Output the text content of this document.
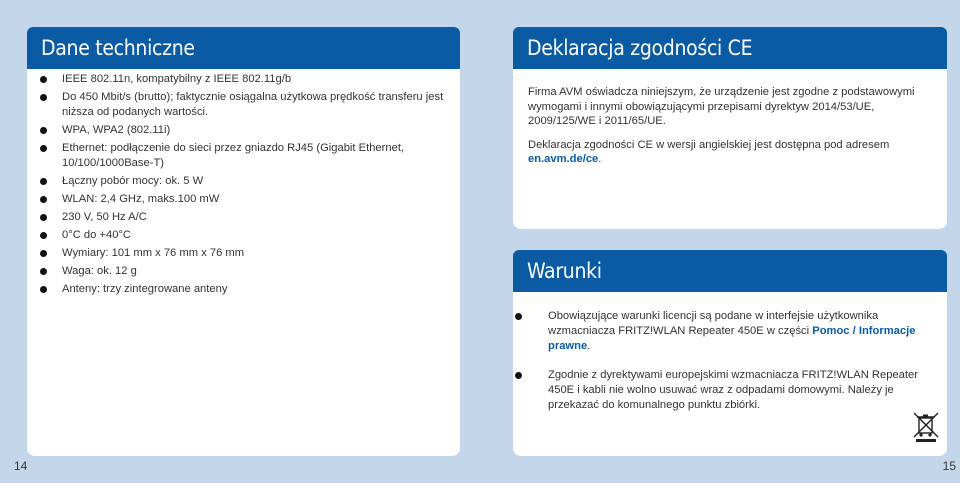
Dane techniczne
IEEE 802.11n, kompatybilny z IEEE 802.11g/b
Do 450 Mbit/s (brutto); faktycznie osiągalna użytkowa prędkość transferu jest niższa od podanych wartości.
WPA, WPA2 (802.11i)
Ethernet: podłączenie do sieci przez gniazdo RJ45 (Gigabit Ethernet, 10/100/1000Base-T)
Łączny pobór mocy: ok. 5 W
WLAN: 2,4 GHz, maks.100 mW
230 V, 50 Hz A/C
0°C do +40°C
Wymiary: 101 mm x 76 mm x 76 mm
Waga: ok. 12 g
Anteny: trzy zintegrowane anteny
Deklaracja zgodności CE

Firma AVM oświadcza niniejszym, że urządzenie jest zgodne z podstawowymi wymogami i innymi obowiązującymi przepisami dyrektyw 2014/53/UE, 2009/125/WE i 2011/65/UE.

Deklaracja zgodności CE w wersji angielskiej jest dostępna pod adresem en.avm.de/ce.

Warunki
Obowiązujące warunki licencji są podane w interfejsie użytkownika wzmacniacza FRITZ!WLAN Repeater 450E w części Pomoc / Informacje prawne.
Zgodnie z dyrektywami europejskimi wzmacniacza FRITZ!WLAN Repeater 450E i kabli nie wolno usuwać wraz z odpadami domowymi. Należy je przekazać do komunalnego punktu zbiórki.
14	15
